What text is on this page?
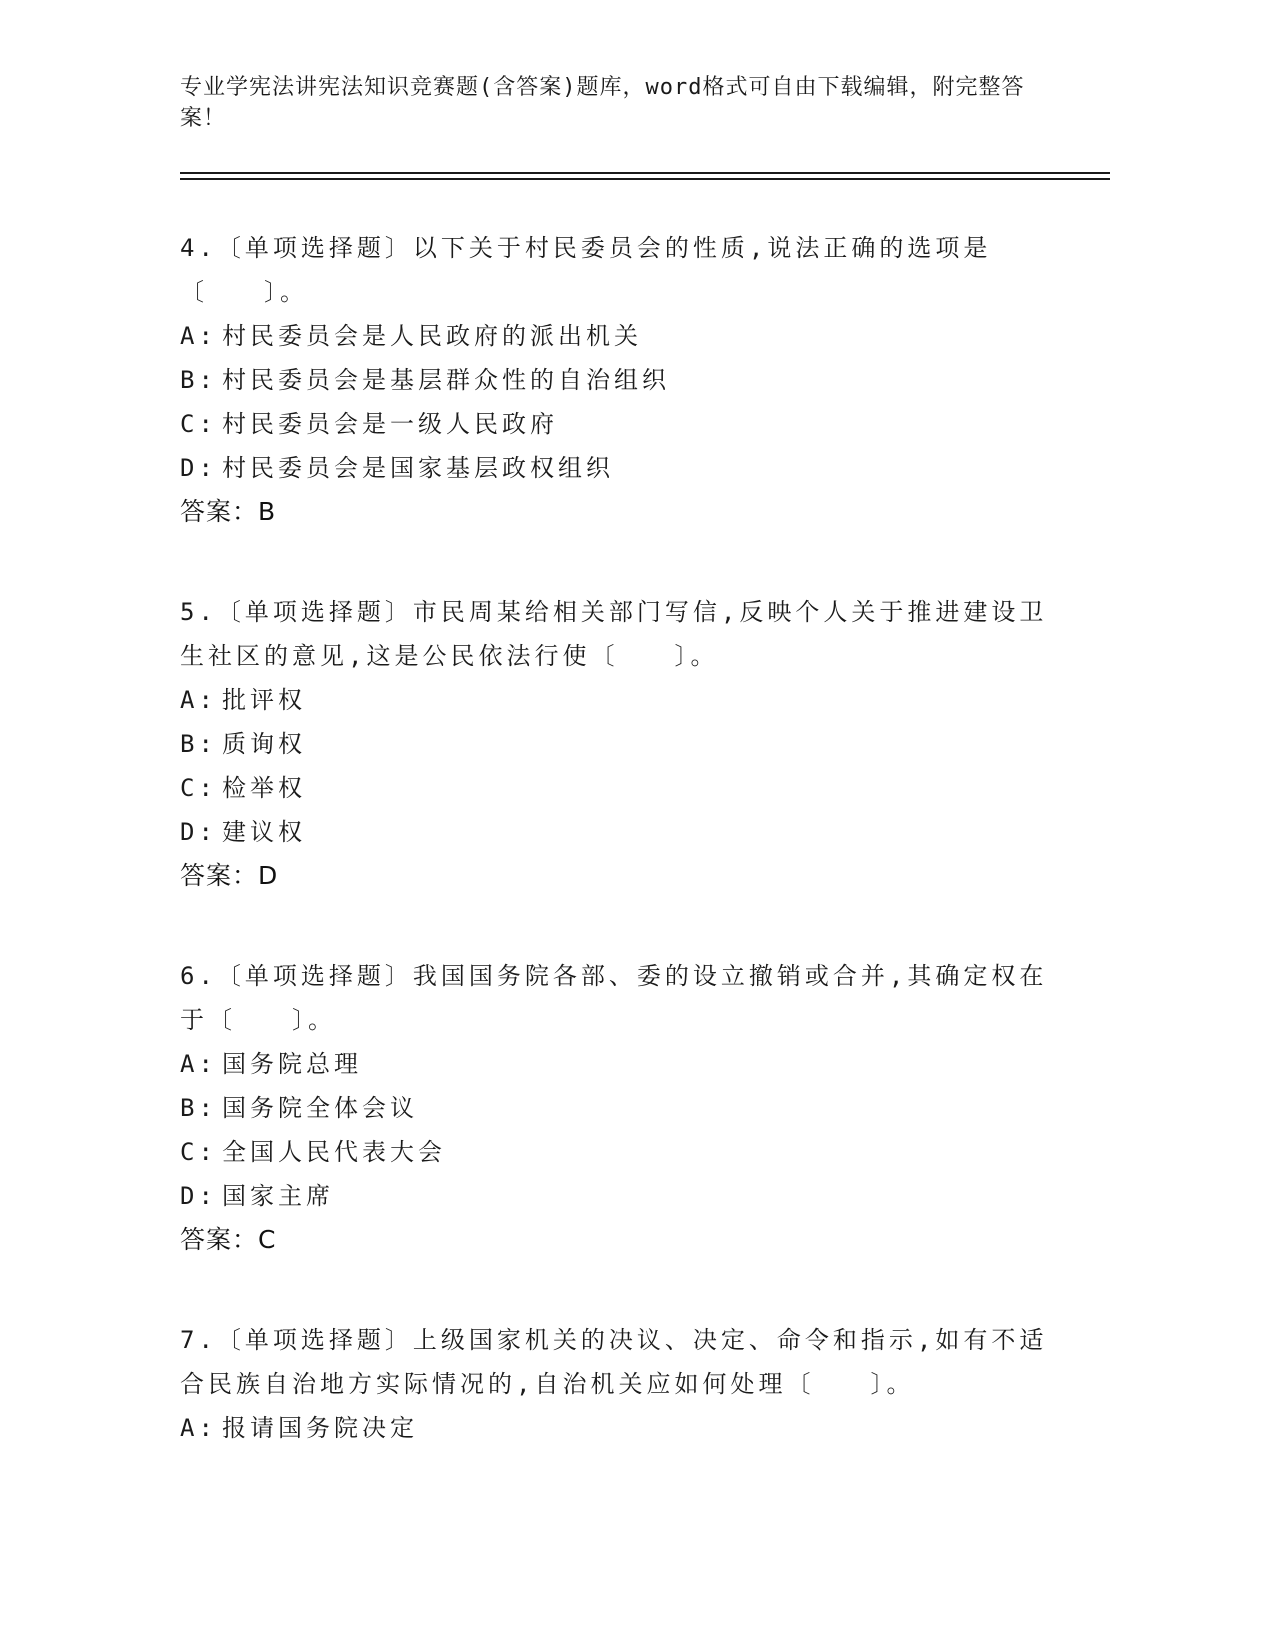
专业学宪法讲宪法知识竞赛题(含答案)题库，word格式可自由下载编辑，附完整答案！

4.〔单项选择题〕以下关于村民委员会的性质,说法正确的选项是〔　　〕。

A: 村民委员会是人民政府的派出机关

B: 村民委员会是基层群众性的自治组织

C: 村民委员会是一级人民政府

D: 村民委员会是国家基层政权组织

答案：B

5.〔单项选择题〕市民周某给相关部门写信,反映个人关于推进建设卫生社区的意见,这是公民依法行使〔　　〕。

A: 批评权

B: 质询权

C: 检举权

D: 建议权

答案：D

6.〔单项选择题〕我国国务院各部、委的设立撤销或合并,其确定权在于〔　　〕。

A: 国务院总理

B: 国务院全体会议

C: 全国人民代表大会

D: 国家主席

答案：C

7.〔单项选择题〕上级国家机关的决议、决定、命令和指示,如有不适合民族自治地方实际情况的,自治机关应如何处理〔　　〕。

A: 报请国务院决定
